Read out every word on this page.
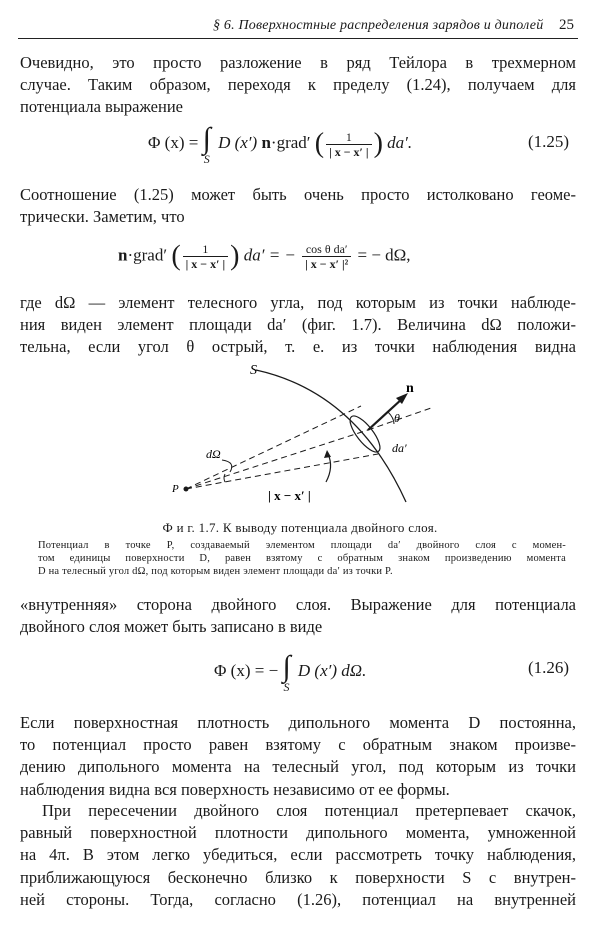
§ 6. Поверхностные распределения зарядов и диполей 25
Очевидно, это просто разложение в ряд Тейлора в трехмерном
случае. Таким образом, переходя к пределу (1.24), получаем для
потенциала выражение
Φ (x) = ∫
S
D (x′) n·grad′ ( $\frac{1}{| x - x' |}$ ) da′.	(1.25)
Соотношение (1.25) может быть очень просто истолковано геоме-
трически. Заметим, что
n·grad′ ( $\frac{1}{| x - x' |}$ ) da′ = − $\frac{\text{cos θ da′}}{\text{| x − x′ |²}}$ = − dΩ,
где dΩ — элемент телесного угла, под которым из точки наблюде-
ния виден элемент площади da′ (фиг. 1.7). Величина dΩ положи-
тельна, если угол θ острый, т. е. из точки наблюдения видна
S
n
θ
da′
dΩ
P	| x − x′ |
Ф и г. 1.7. К выводу потенциала двойного слоя.
Потенциал в точке P, создаваемый элементом площади da′ двойного слоя с момен-
том единицы поверхности D, равен взятому с обратным знаком произведению момента
D на телесный угол dΩ, под которым виден элемент площади da′ из точки P.
«внутренняя» сторона двойного слоя. Выражение для потенциала
двойного слоя может быть записано в виде
Φ (x) = − ∫
S
D (x′) dΩ.	(1.26)
Если поверхностная плотность дипольного момента D постоянна,
то потенциал просто равен взятому с обратным знаком произве-
дению дипольного момента на телесный угол, под которым из точки
наблюдения видна вся поверхность независимо от ее формы.
При пересечении двойного слоя потенциал претерпевает скачок,
равный поверхностной плотности дипольного момента, умноженной
на 4π. В этом легко убедиться, если рассмотреть точку наблюдения,
приближающуюся бесконечно близко к поверхности S с внутрен-
ней стороны. Тогда, согласно (1.26), потенциал на внутренней
